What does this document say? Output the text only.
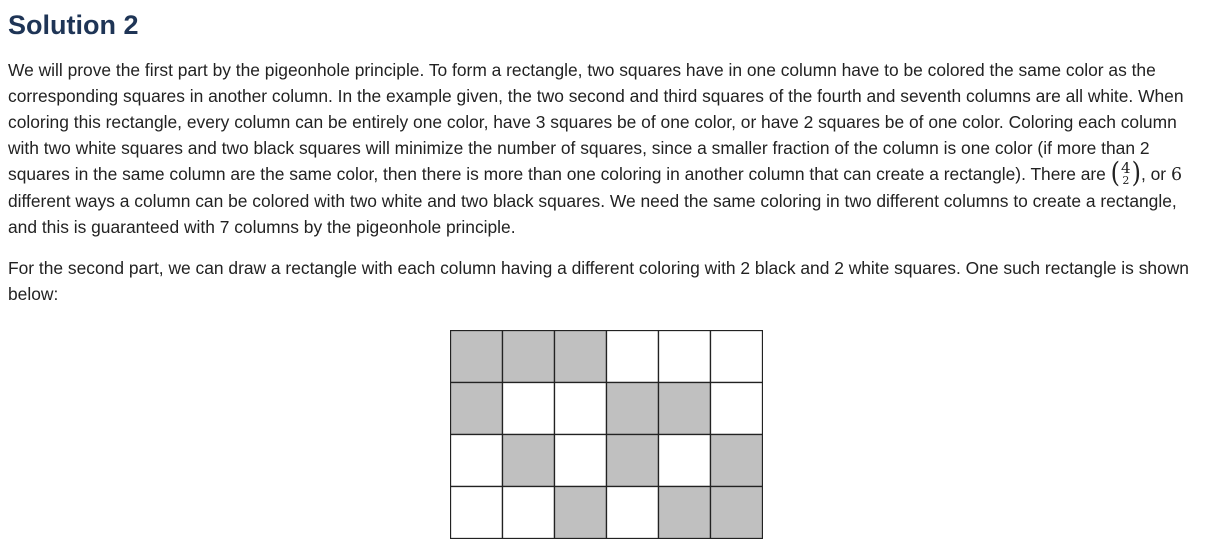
Solution 2

We will prove the first part by the pigeonhole principle. To form a rectangle, two squares have in one column have to be colored the same color as the corresponding squares in another column. In the example given, the two second and third squares of the fourth and seventh columns are all white. When coloring this rectangle, every column can be entirely one color, have 3 squares be of one color, or have 2 squares be of one color. Coloring each column with two white squares and two black squares will minimize the number of squares, since a smaller fraction of the column is one color (if more than 2 squares in the same column are the same color, then there is more than one coloring in another column that can create a rectangle). There are ( 4
2 ) , or 6 different ways a column can be colored with two white and two black squares. We need the same coloring in two different columns to create a rectangle, and this is guaranteed with 7 columns by the pigeonhole principle.

For the second part, we can draw a rectangle with each column having a different coloring with 2 black and 2 white squares. One such rectangle is shown below:
